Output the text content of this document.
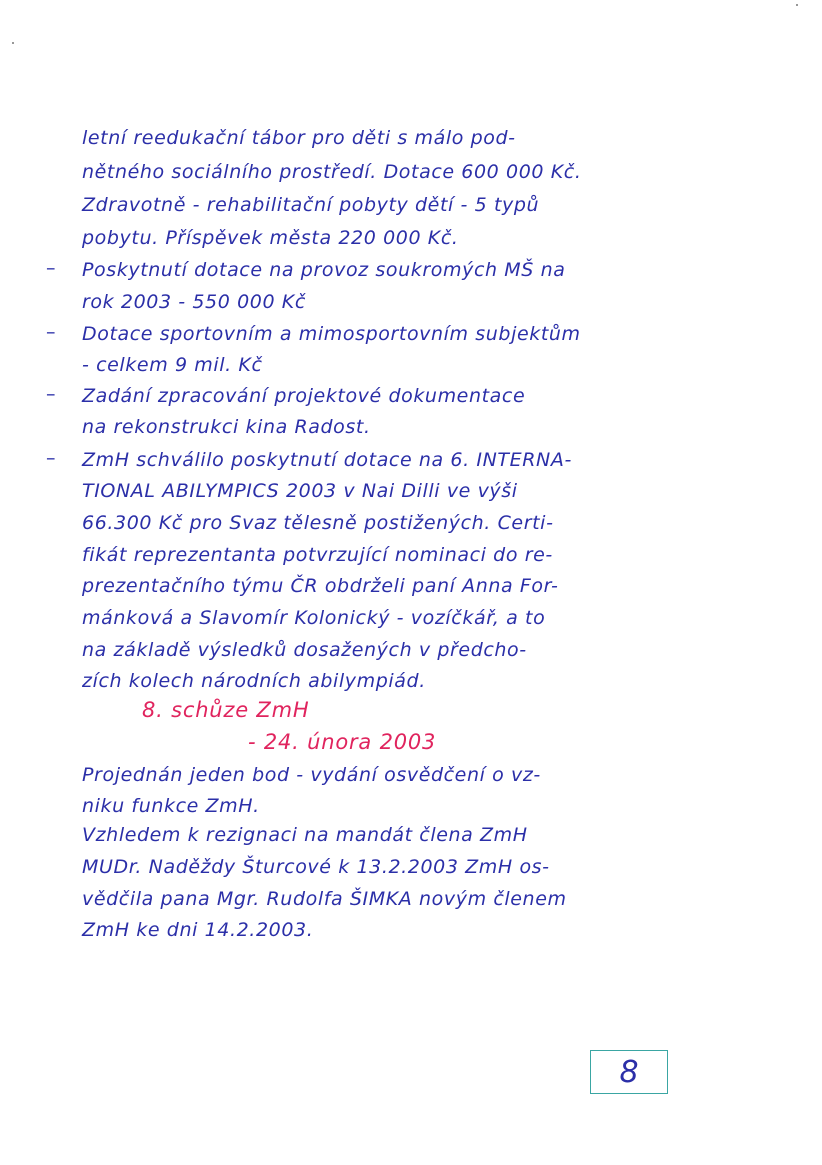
letní reedukační tábor pro děti s málo pod-
nětného sociálního prostředí. Dotace 600 000 Kč.
Zdravotně - rehabilitační pobyty dětí - 5 typů
pobytu. Příspěvek města 220 000 Kč.
– Poskytnutí dotace na provoz soukromých MŠ na
rok 2003 - 550 000 Kč
– Dotace sportovním a mimosportovním subjektům
- celkem 9 mil. Kč
– Zadání zpracování projektové dokumentace
na rekonstrukci kina Radost.
– ZmH schválilo poskytnutí dotace na 6. INTERNA-
TIONAL ABILYMPICS 2003 v Nai Dilli ve výši
66.300 Kč pro Svaz tělesně postižených. Certi-
fikát reprezentanta potvrzující nominaci do re-
prezentačního týmu ČR obdrželi paní Anna For-
mánková a Slavomír Kolonický - vozíčkář, a to
na základě výsledků dosažených v předcho-
zích kolech národních abilympiád.
8. schůze ZmH
- 24. února 2003
Projednán jeden bod - vydání osvědčení o vz-
niku funkce ZmH.
Vzhledem k rezignaci na mandát člena ZmH
MUDr. Naděždy Šturcové k 13.2.2003 ZmH os-
vědčila pana Mgr. Rudolfa ŠIMKA novým členem
ZmH ke dni 14.2.2003.
8
